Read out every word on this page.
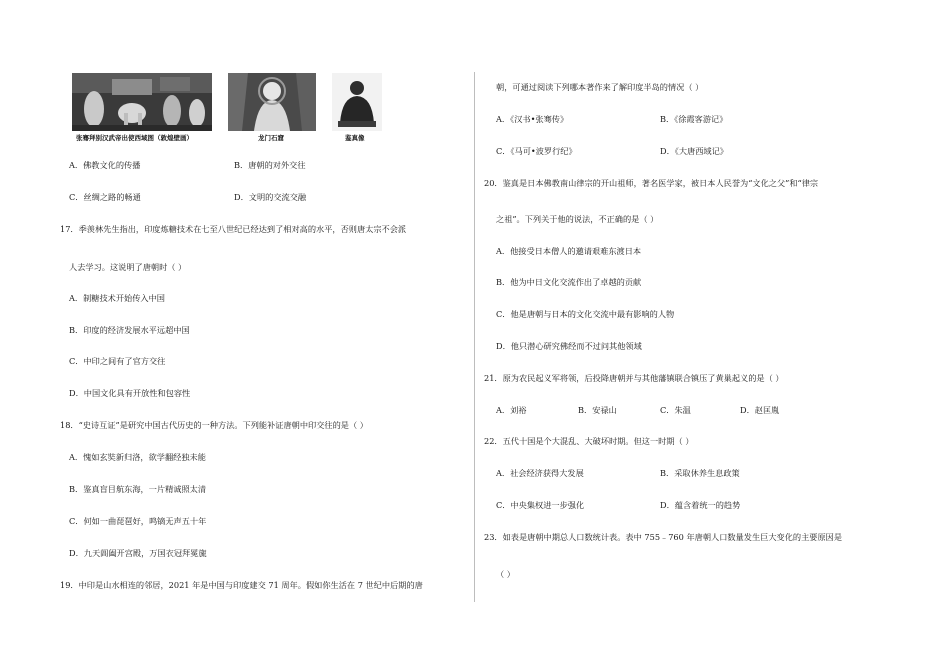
张骞拜别汉武帝出使西域图（敦煌壁画）	龙门石窟	鉴真像
A．佛教文化的传播	B．唐朝的对外交往
C．丝绸之路的畅通	D．文明的交流交融
17．季羡林先生指出，印度炼糖技术在七至八世纪已经达到了相对高的水平，否则唐太宗不会派
人去学习。这说明了唐朝时（ ）
A．制糖技术开始传入中国
B．印度的经济发展水平远超中国
C．中印之间有了官方交往
D．中国文化具有开放性和包容性
18．“史诗互证”是研究中国古代历史的一种方法。下列能补证唐朝中印交往的是（ ）
A．愧如玄奘新归洛，欲学翻经独未能
B．鉴真盲目航东海，一片精诚照太清
C．何如一曲琵琶好，鸣镝无声五十年
D．九天阊阖开宫殿，万国衣冠拜冕旒
19．中印是山水相连的邻居，2021 年是中国与印度建交 71 周年。假如你生活在 7 世纪中后期的唐
朝，可通过阅读下列哪本著作来了解印度半岛的情况（ ）
A．《汉书•张骞传》	B．《徐霞客游记》
C．《马可•波罗行纪》	D．《大唐西域记》
20．鉴真是日本佛教南山律宗的开山祖师，著名医学家，被日本人民誉为“文化之父”和“律宗
之祖”。下列关于他的说法，不正确的是（ ）
A．他接受日本僧人的邀请艰难东渡日本
B．他为中日文化交流作出了卓越的贡献
C．他是唐朝与日本的文化交流中最有影响的人物
D．他只潜心研究佛经而不过问其他领域
21．原为农民起义军将领，后投降唐朝并与其他藩镇联合镇压了黄巢起义的是（ ）
A．刘裕	B．安禄山	C．朱温	D．赵匡胤
22．五代十国是个大混乱、大破坏时期。但这一时期（ ）
A．社会经济获得大发展	B．采取休养生息政策
C．中央集权进一步强化	D．蕴含着统一的趋势
23．如表是唐朝中期总人口数统计表。表中 755﹣760 年唐朝人口数量发生巨大变化的主要原因是
（ ）
